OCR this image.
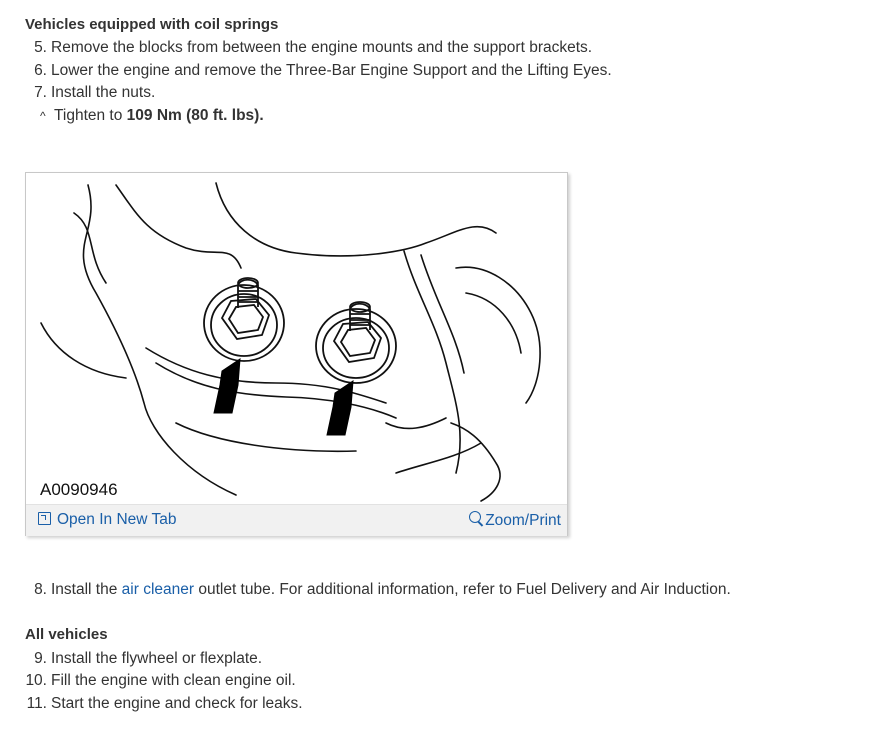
Vehicles equipped with coil springs
5. Remove the blocks from between the engine mounts and the support brackets.
6. Lower the engine and remove the Three-Bar Engine Support and the Lifting Eyes.
7. Install the nuts.
^ Tighten to 109 Nm (80 ft. lbs).
A0090946
Open In New Tab	Zoom/Print
8. Install the air cleaner outlet tube. For additional information, refer to Fuel Delivery and Air Induction.
All vehicles
9. Install the flywheel or flexplate.
10. Fill the engine with clean engine oil.
11. Start the engine and check for leaks.
